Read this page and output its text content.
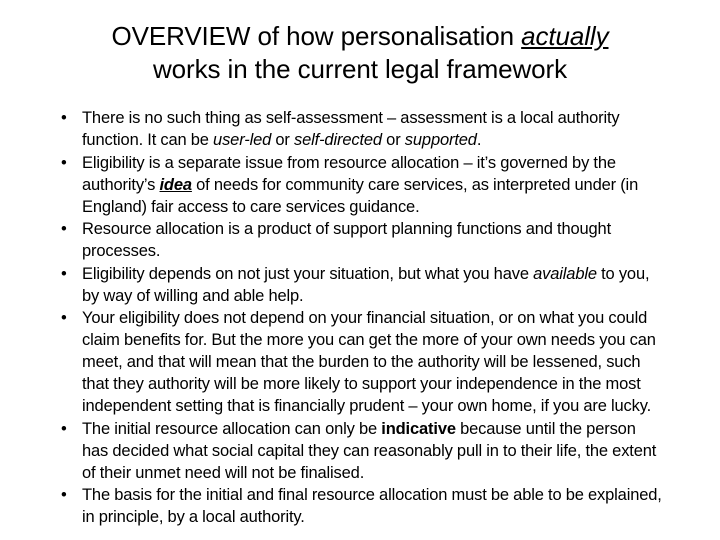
OVERVIEW of how personalisation actually
works in the current legal framework
• There is no such thing as self-assessment – assessment is a local authority function. It can be user-led or self-directed or supported.
• Eligibility is a separate issue from resource allocation – it’s governed by the authority’s idea of needs for community care services, as interpreted under (in England) fair access to care services guidance.
• Resource allocation is a product of support planning functions and thought processes.
• Eligibility depends on not just your situation, but what you have available to you, by way of willing and able help.
• Your eligibility does not depend on your financial situation, or on what you could claim benefits for. But the more you can get the more of your own needs you can meet, and that will mean that the burden to the authority will be lessened, such that they authority will be more likely to support your independence in the most independent setting that is financially prudent – your own home, if you are lucky.
• The initial resource allocation can only be indicative because until the person has decided what social capital they can reasonably pull in to their life, the extent of their unmet need will not be finalised.
• The basis for the initial and final resource allocation must be able to be explained, in principle, by a local authority.
